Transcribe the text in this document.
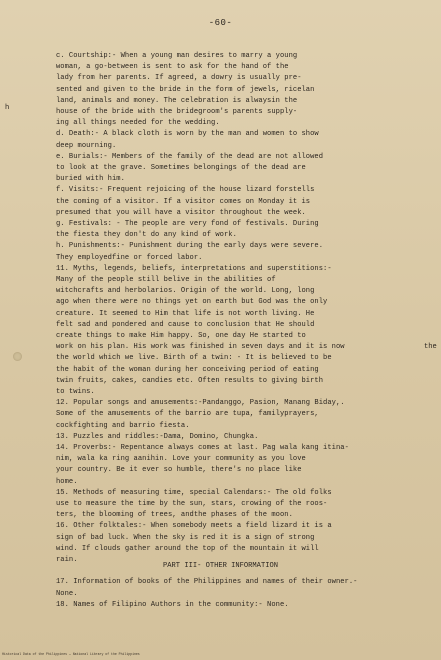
-60-
h
the
PART III- OTHER INFORMATION
Historical Data of the Philippines — National Library of the Philippines
c. Courtship:- When a young man desires to marry a young
woman, a go-between is sent to ask for the hand of the
lady from her parents. If agreed, a dowry is usually pre-
sented and given to the bride in the form of jewels, ricelan
land, animals and money. The celebration is alwaysin the
house of the bride with the bridegroom's parents supply-
ing all things needed for the wedding.
d. Death:- A black cloth is worn by the man and women to show
deep mourning.
e. Burials:- Members of the family of the dead are not allowed
to look at the grave. Sometimes belongings of the dead are
buried with him.
f. Visits:- Frequent rejoicing of the house lizard forstells
the coming of a visitor. If a visitor comes on Monday it is
presumed that you will have a visitor throughout the week.
g. Festivals: - The people are very fond of festivals. During
the fiesta they don't do any kind of work.
h. Punishments:- Punishment during the early days were severe.
They employedfine or forced labor.
11. Myths, legends, beliefs, interpretations and superstitions:-
Many of the people still belive in the abilities of
witchcrafts and herbolarios. Origin of the world. Long, long
ago when there were no things yet on earth but God was the only
creature. It seemed to Him that life is not worth living. He
felt sad and pondered and cause to conclusion that He should
create things to make Him happy. So, one day He started to
work on his plan. His work was finished in seven days and it is now
the world which we live. Birth of a twin: - It is believed to be
the habit of the woman during her conceiving period of eating
twin fruits, cakes, candies etc. Often results to giving birth
to twins.
12. Popular songs and amusements:-Pandanggo, Pasion, Manang Biday,.
Some of the amusements of the barrio are tupa, familyprayers,
cockfighting and barrio fiesta.
13. Puzzles and riddles:-Dama, Domino, Chungka.
14. Proverbs:- Repentance always comes at last. Pag wala kang itina-
nim, wala ka ring aanihin. Love your community as you love
your country. Be it ever so humble, there's no place like
home.
15. Methods of measuring time, special Calendars:- The old folks
use to measure the time by the sun, stars, crowing of the roos-
ters, the blooming of trees, andthe phases of the moon.
16. Other folktales:- When somebody meets a field lizard it is a
sign of bad luck. When the sky is red it is a sign of strong
wind. If clouds gather around the top of the mountain it will
rain.
17. Information of books of the Philippines and names of their owner.-
None.
18. Names of Filipino Authors in the community:- None.
